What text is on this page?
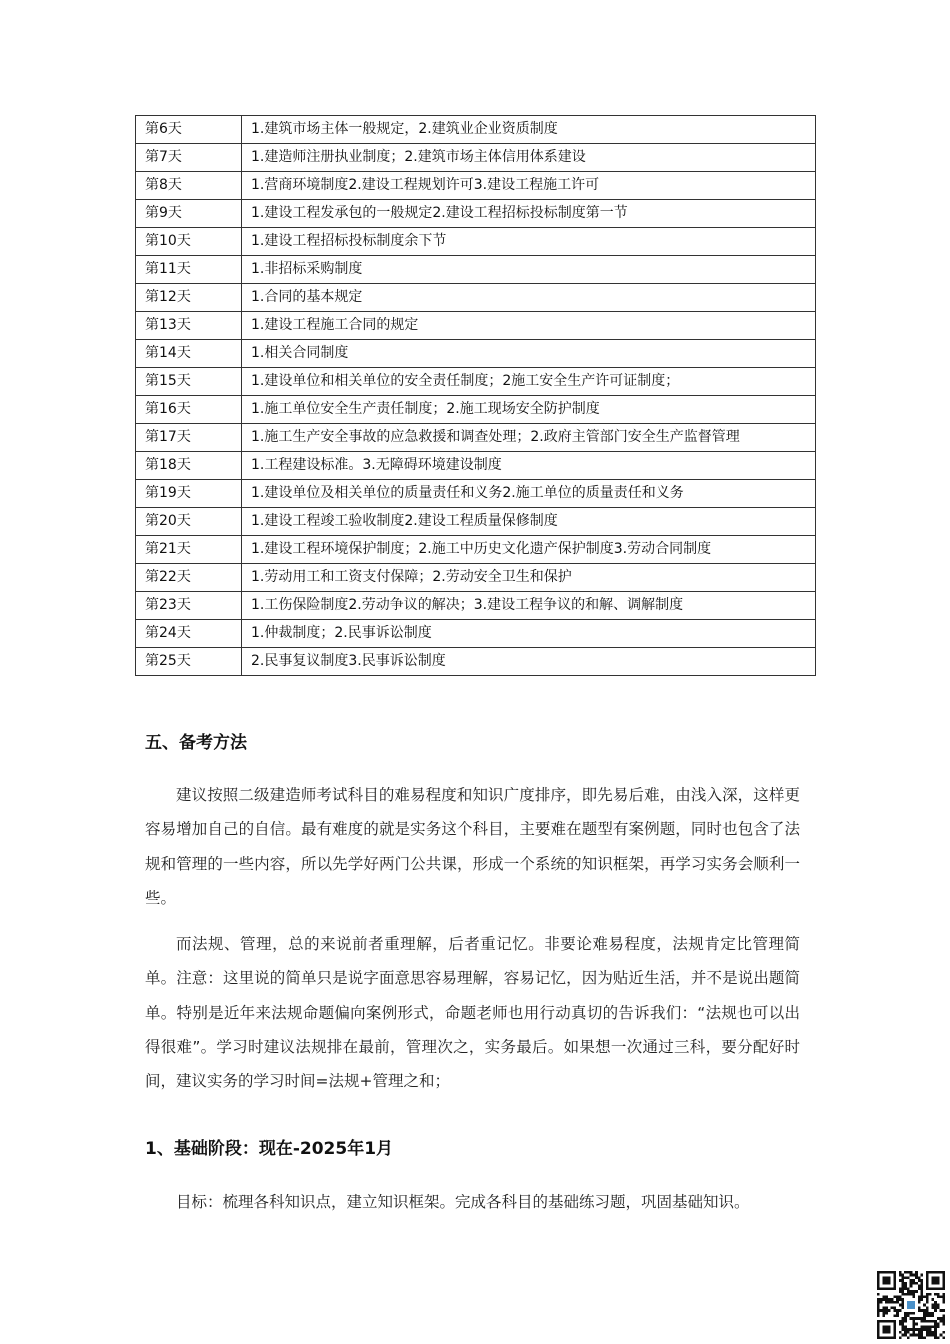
第6天	1.建筑市场主体一般规定，2.建筑业企业资质制度
第7天	1.建造师注册执业制度；2.建筑市场主体信用体系建设
第8天	1.营商环境制度2.建设工程规划许可3.建设工程施工许可
第9天	1.建设工程发承包的一般规定2.建设工程招标投标制度第一节
第10天	1.建设工程招标投标制度余下节
第11天	1.非招标采购制度
第12天	1.合同的基本规定
第13天	1.建设工程施工合同的规定
第14天	1.相关合同制度
第15天	1.建设单位和相关单位的安全责任制度；2施工安全生产许可证制度；
第16天	1.施工单位安全生产责任制度；2.施工现场安全防护制度
第17天	1.施工生产安全事故的应急救援和调查处理；2.政府主管部门安全生产监督管理
第18天	1.工程建设标准。3.无障碍环境建设制度
第19天	1.建设单位及相关单位的质量责任和义务2.施工单位的质量责任和义务
第20天	1.建设工程竣工验收制度2.建设工程质量保修制度
第21天	1.建设工程环境保护制度；2.施工中历史文化遗产保护制度3.劳动合同制度
第22天	1.劳动用工和工资支付保障；2.劳动安全卫生和保护
第23天	1.工伤保险制度2.劳动争议的解决；3.建设工程争议的和解、调解制度
第24天	1.仲裁制度；2.民事诉讼制度
第25天	2.民事复议制度3.民事诉讼制度
五、备考方法

建议按照二级建造师考试科目的难易程度和知识广度排序，即先易后难，由浅入深，这样更容易增加自己的自信。最有难度的就是实务这个科目，主要难在题型有案例题，同时也包含了法规和管理的一些内容，所以先学好两门公共课，形成一个系统的知识框架，再学习实务会顺利一些。

而法规、管理，总的来说前者重理解，后者重记忆。非要论难易程度，法规肯定比管理简单。注意：这里说的简单只是说字面意思容易理解，容易记忆，因为贴近生活，并不是说出题简单。特别是近年来法规命题偏向案例形式，命题老师也用行动真切的告诉我们：“法规也可以出得很难”。学习时建议法规排在最前，管理次之，实务最后。如果想一次通过三科，要分配好时间，建议实务的学习时间=法规+管理之和；

1、基础阶段：现在-2025年1月

目标：梳理各科知识点，建立知识框架。完成各科目的基础练习题，巩固基础知识。
